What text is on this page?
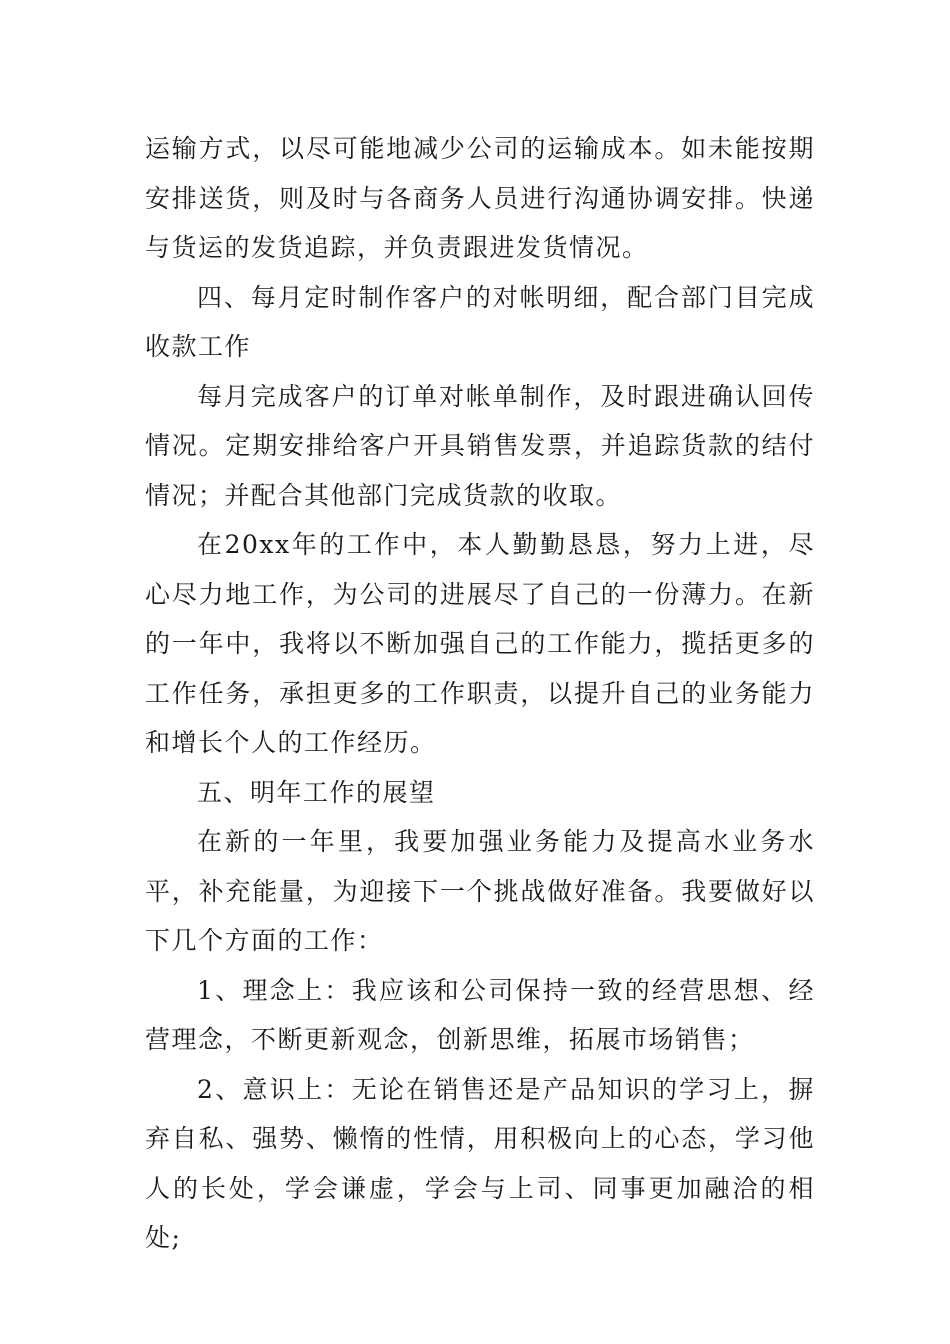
运输方式，以尽可能地减少公司的运输成本。如未能按期安排送货，则及时与各商务人员进行沟通协调安排。快递与货运的发货追踪，并负责跟进发货情况。

四、每月定时制作客户的对帐明细，配合部门目完成收款工作

每月完成客户的订单对帐单制作，及时跟进确认回传情况。定期安排给客户开具销售发票，并追踪货款的结付情况；并配合其他部门完成货款的收取。

在20xx年的工作中，本人勤勤恳恳，努力上进，尽心尽力地工作，为公司的进展尽了自己的一份薄力。在新的一年中，我将以不断加强自己的工作能力，揽括更多的工作任务，承担更多的工作职责，以提升自己的业务能力和增长个人的工作经历。

五、明年工作的展望

在新的一年里，我要加强业务能力及提高水业务水平，补充能量，为迎接下一个挑战做好准备。我要做好以下几个方面的工作：

1、理念上：我应该和公司保持一致的经营思想、经营理念，不断更新观念，创新思维，拓展市场销售；

2、意识上：无论在销售还是产品知识的学习上，摒弃自私、强势、懒惰的性情，用积极向上的心态，学习他人的长处，学会谦虚，学会与上司、同事更加融洽的相处;
